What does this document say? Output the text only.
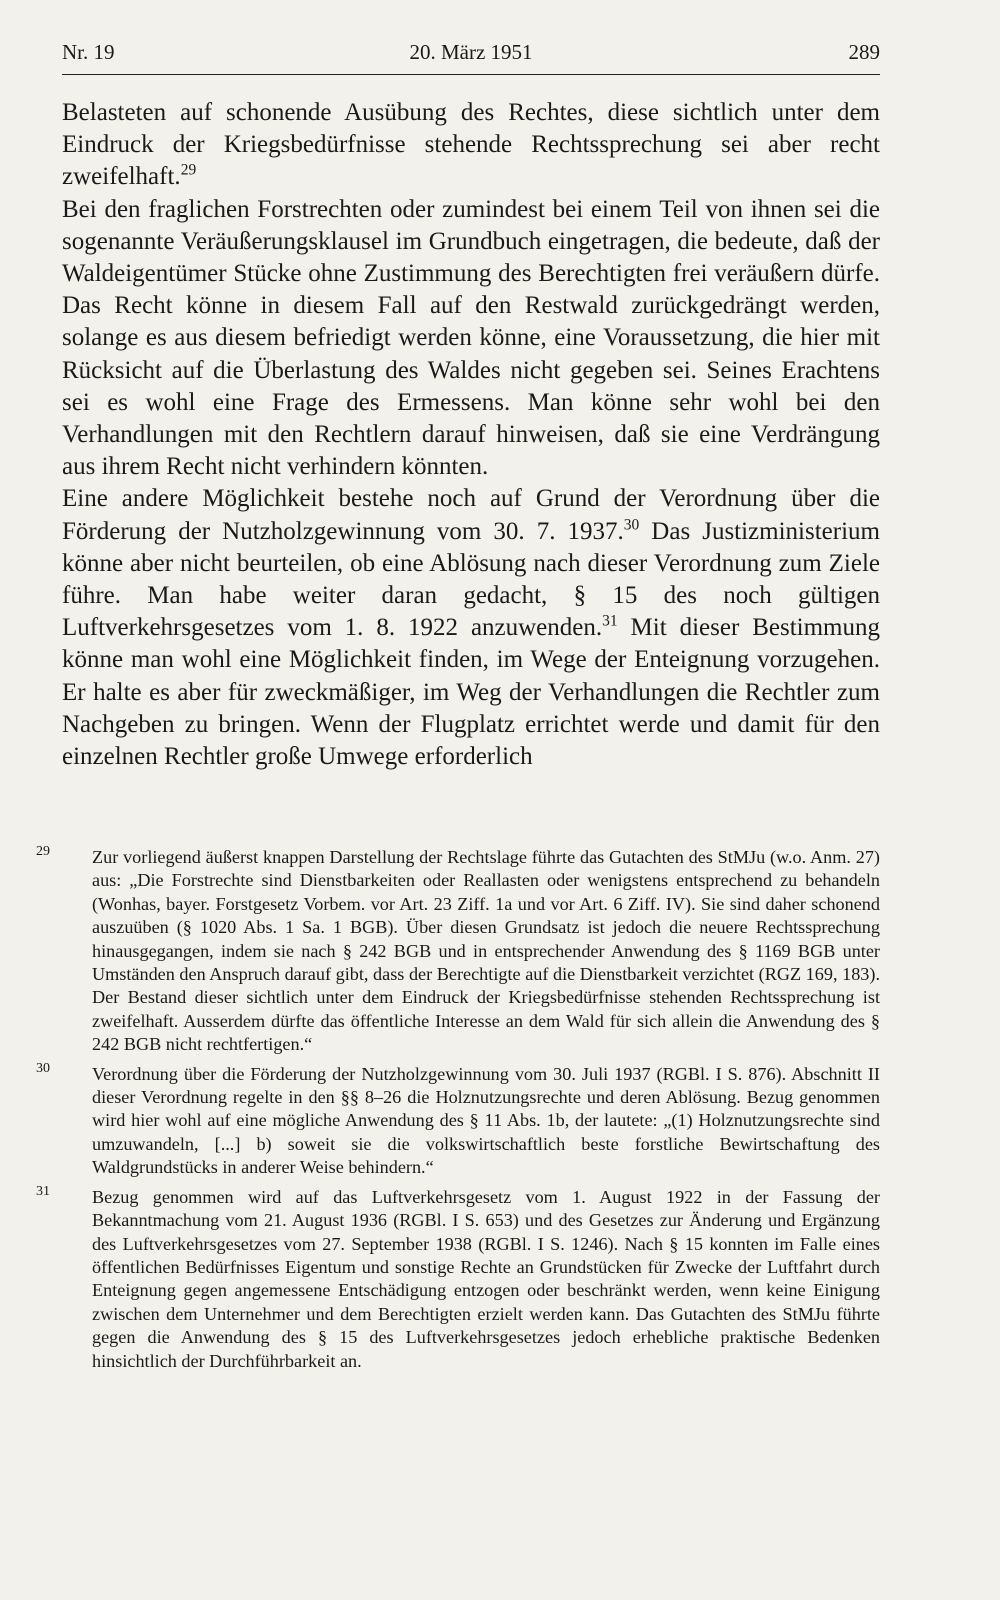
Nr. 19	20. März 1951	289

Belasteten auf schonende Ausübung des Rechtes, diese sichtlich unter dem Eindruck der Kriegsbedürfnisse stehende Rechtssprechung sei aber recht zweifelhaft.$^{29}$

Bei den fraglichen Forstrechten oder zumindest bei einem Teil von ihnen sei die sogenannte Veräußerungsklausel im Grundbuch eingetragen, die bedeute, daß der Waldeigentümer Stücke ohne Zustimmung des Berechtigten frei veräußern dürfe. Das Recht könne in diesem Fall auf den Restwald zurückgedrängt werden, solange es aus diesem befriedigt werden könne, eine Voraussetzung, die hier mit Rücksicht auf die Überlastung des Waldes nicht gegeben sei. Seines Erachtens sei es wohl eine Frage des Ermessens. Man könne sehr wohl bei den Verhandlungen mit den Rechtlern darauf hinweisen, daß sie eine Verdrängung aus ihrem Recht nicht verhindern könnten.

Eine andere Möglichkeit bestehe noch auf Grund der Verordnung über die Förderung der Nutzholzgewinnung vom 30. 7. 1937.30 Das Justizministerium könne aber nicht beurteilen, ob eine Ablösung nach dieser Verordnung zum Ziele führe. Man habe weiter daran gedacht, § 15 des noch gültigen Luftverkehrsgesetzes vom 1. 8. 1922 anzuwenden.$^{31}$ Mit dieser Bestimmung könne man wohl eine Möglichkeit finden, im Wege der Enteignung vorzugehen. Er halte es aber für zweckmäßiger, im Weg der Verhandlungen die Rechtler zum Nachgeben zu bringen. Wenn der Flugplatz errichtet werde und damit für den einzelnen Rechtler große Umwege erforderlich

29 Zur vorliegend äußerst knappen Darstellung der Rechtslage führte das Gutachten des StMJu (w.o. Anm. 27) aus: „Die Forstrechte sind Dienstbarkeiten oder Reallasten oder wenigstens entsprechend zu behandeln (Wonhas, bayer. Forstgesetz Vorbem. vor Art. 23 Ziff. 1a und vor Art. 6 Ziff. IV). Sie sind daher schonend auszuüben (§ 1020 Abs. 1 Sa. 1 BGB). Über diesen Grundsatz ist jedoch die neuere Rechtssprechung hinausgegangen, indem sie nach § 242 BGB und in entsprechender Anwendung des § 1169 BGB unter Umständen den Anspruch darauf gibt, dass der Berechtigte auf die Dienstbarkeit verzichtet (RGZ 169, 183). Der Bestand dieser sichtlich unter dem Eindruck der Kriegsbedürfnisse stehenden Rechtssprechung ist zweifelhaft. Ausserdem dürfte das öffentliche Interesse an dem Wald für sich allein die Anwendung des § 242 BGB nicht rechtfertigen.“
30 Verordnung über die Förderung der Nutzholzgewinnung vom 30. Juli 1937 (RGBl. I S. 876). Abschnitt II dieser Verordnung regelte in den §§ 8–26 die Holznutzungsrechte und deren Ablösung. Bezug genommen wird hier wohl auf eine mögliche Anwendung des § 11 Abs. 1b, der lautete: „(1) Holznutzungsrechte sind umzuwandeln, [...] b) soweit sie die volkswirtschaftlich beste forstliche Bewirtschaftung des Waldgrundstücks in anderer Weise behindern.“
31 Bezug genommen wird auf das Luftverkehrsgesetz vom 1. August 1922 in der Fassung der Bekanntmachung vom 21. August 1936 (RGBl. I S. 653) und des Gesetzes zur Änderung und Ergänzung des Luftverkehrsgesetzes vom 27. September 1938 (RGBl. I S. 1246). Nach § 15 konnten im Falle eines öffentlichen Bedürfnisses Eigentum und sonstige Rechte an Grundstücken für Zwecke der Luftfahrt durch Enteignung gegen angemessene Entschädigung entzogen oder beschränkt werden, wenn keine Einigung zwischen dem Unternehmer und dem Berechtigten erzielt werden kann. Das Gutachten des StMJu führte gegen die Anwendung des § 15 des Luftverkehrsgesetzes jedoch erhebliche praktische Bedenken hinsichtlich der Durchführbarkeit an.
